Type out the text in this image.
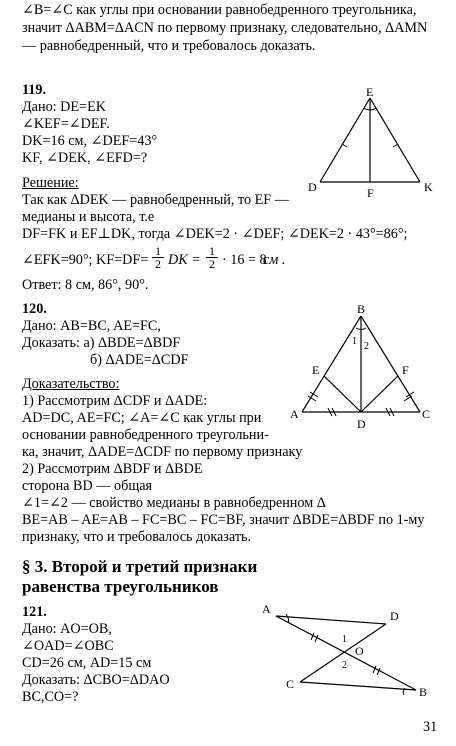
∠B=∠C как углы при основании равнобедренного треугольника,
значит ΔABM=ΔACN по первому признаку, следовательно, ΔAMN
— равнобедренный, что и требовалось доказать.
119.
Дано: DE=EK
∠KEF=∠DEF.
DK=16 см, ∠DEF=43°
KF, ∠DEK, ∠EFD=?
Решение:
Так как ΔDEK — равнобедренный, то EF —
медианы и высота, т.е
DF=FK и EF⊥DK, тогда ∠DEK=2 · ∠DEF; ∠DEK=2 · 43°=86°;
∠EFK=90°; $KF=DF= \frac{1}{2}$ DK = $\frac{1}{2} \cdot 16 = 8$
см .
Ответ: 8 см, 86°, 90°.
E
D	F	K
120.
Дано: AB=BC, AE=FC,
Доказать: а) ΔBDE=ΔBDF
б) ΔADE=ΔCDF
Доказательство:
1) Рассмотрим ΔCDF и ΔADE:
AD=DC, AE=FC; ∠A=∠C как углы при
основании равнобедренного треугольни-
ка, значит, ΔADE=ΔCDF по первому признаку
2) Рассмотрим ΔBDF и ΔBDE
сторона BD — общая
∠1=∠2 — свойство медианы в равнобедренном Δ
BE=AB – AE=AB – FC=BC – FC=BF, значит ΔBDE=ΔBDF по 1-му
признаку, что и требовалось доказать.
B
1 2
E	F
A
D
C
§ 3. Второй и третий признаки
равенства треугольников
121.
Дано: AO=OB,
∠OAD=∠OBC
CD=26 см, AD=15 см
Доказать: ΔCBO=ΔDAO
BC,CO=?
A	D
1
O
2
C
B
31
